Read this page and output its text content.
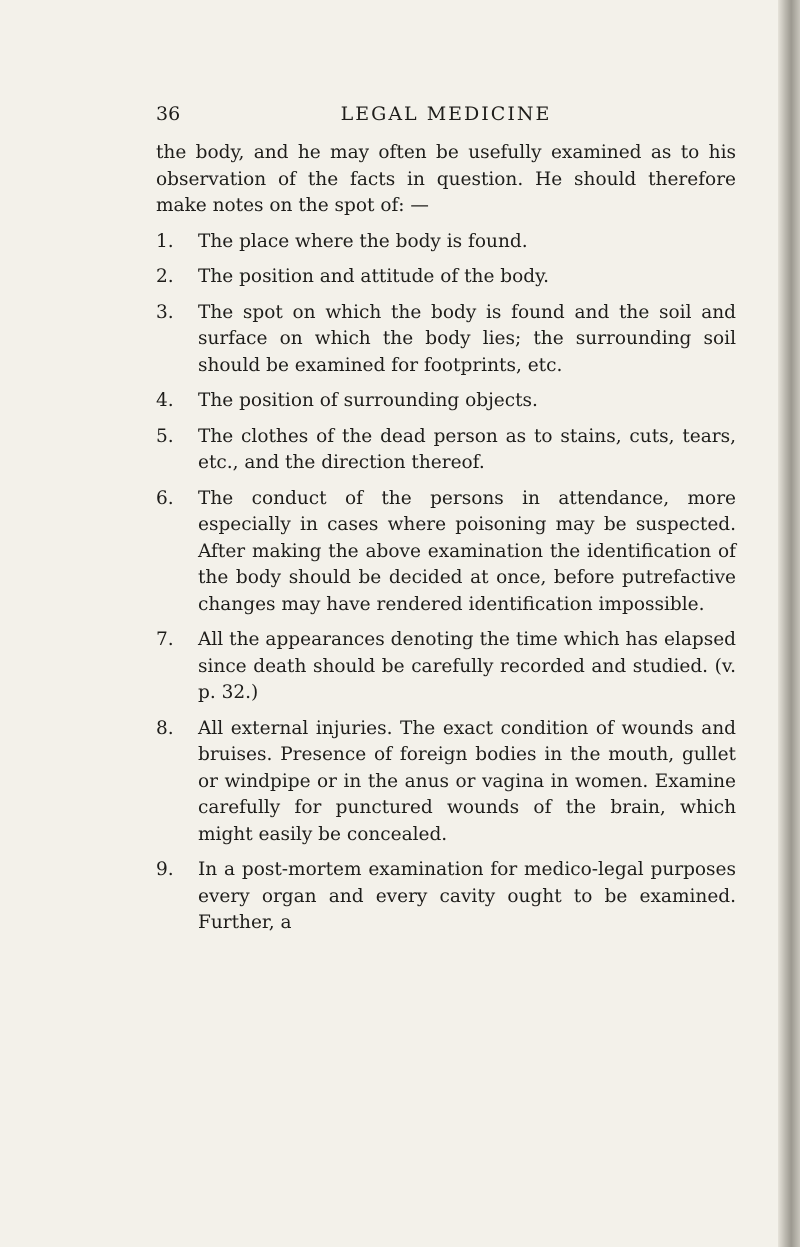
36	LEGAL MEDICINE

the body, and he may often be usefully examined as to his observation of the facts in question. He should therefore make notes on the spot of: —

1. The place where the body is found.
2. The position and attitude of the body.
3. The spot on which the body is found and the soil and surface on which the body lies; the surrounding soil should be examined for footprints, etc.
4. The position of surrounding objects.
5. The clothes of the dead person as to stains, cuts, tears, etc., and the direction thereof.
6. The conduct of the persons in attendance, more especially in cases where poisoning may be suspected. After making the above examination the identification of the body should be decided at once, before putrefactive changes may have rendered identification impossible.
7. All the appearances denoting the time which has elapsed since death should be carefully recorded and studied. (v. p. 32.)
8. All external injuries. The exact condition of wounds and bruises. Presence of foreign bodies in the mouth, gullet or windpipe or in the anus or vagina in women. Examine carefully for punctured wounds of the brain, which might easily be concealed.
9. In a post-mortem examination for medico-legal purposes every organ and every cavity ought to be examined. Further, a
